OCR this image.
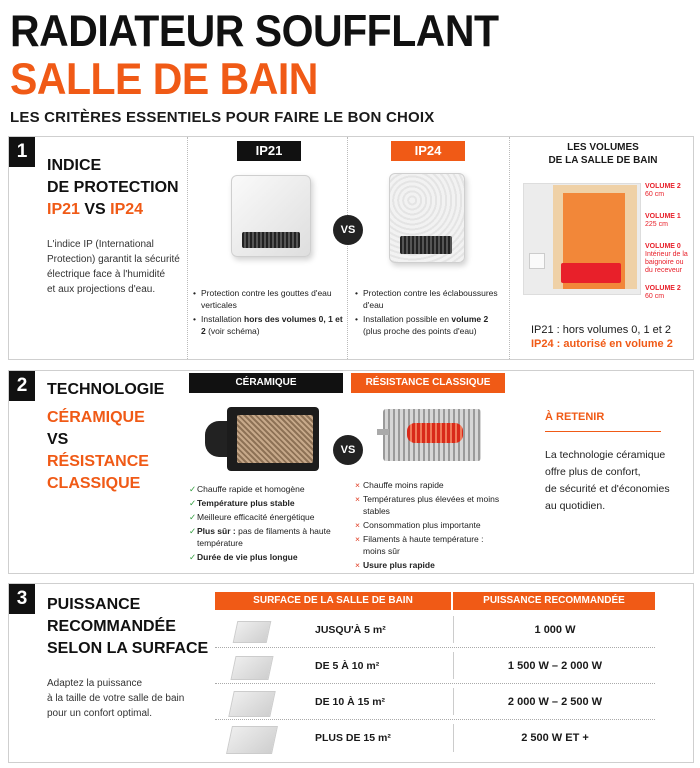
RADIATEUR SOUFFLANT
SALLE DE BAIN
LES CRITÈRES ESSENTIELS POUR FAIRE LE BON CHOIX
1
INDICE
DE PROTECTION
IP21 VS IP24
L'indice IP (International
Protection) garantit la sécurité
électrique face à l'humidité
et aux projections d'eau.
IP21
• Protection contre les gouttes d'eau verticales
• Installation hors des volumes 0, 1 et 2 (voir schéma)
VS
IP24
• Protection contre les éclaboussures d'eau
• Installation possible en volume 2 (plus proche des points d'eau)
LES VOLUMES
DE LA SALLE DE BAIN
VOLUME 2
60 cm
VOLUME 1
225 cm
VOLUME 0
Intérieur de la baignoire ou du receveur
VOLUME 2
60 cm
IP21 : hors volumes 0, 1 et 2
IP24 : autorisé en volume 2
2	TECHNOLOGIE
CÉRAMIQUE
VS
RÉSISTANCE
CLASSIQUE
CÉRAMIQUE
✓ Chauffe rapide et homogène
✓ Température plus stable
✓ Meilleure efficacité énergétique
✓ Plus sûr : pas de filaments à haute température
✓ Durée de vie plus longue
VS
RÉSISTANCE CLASSIQUE
× Chauffe moins rapide
× Températures plus élevées et moins stables
× Consommation plus importante
× Filaments à haute température : moins sûr
× Usure plus rapide
À RETENIR
La technologie céramique
offre plus de confort,
de sécurité et d'économies
au quotidien.
3	PUISSANCE
RECOMMANDÉE
SELON LA SURFACE
Adaptez la puissance
à la taille de votre salle de bain
pour un confort optimal.
SURFACE DE LA SALLE DE BAIN	PUISSANCE RECOMMANDÉE
JUSQU'À 5 m²	1 000 W
DE 5 À 10 m²	1 500 W – 2 000 W
DE 10 À 15 m²	2 000 W – 2 500 W
PLUS DE 15 m²	2 500 W ET +
